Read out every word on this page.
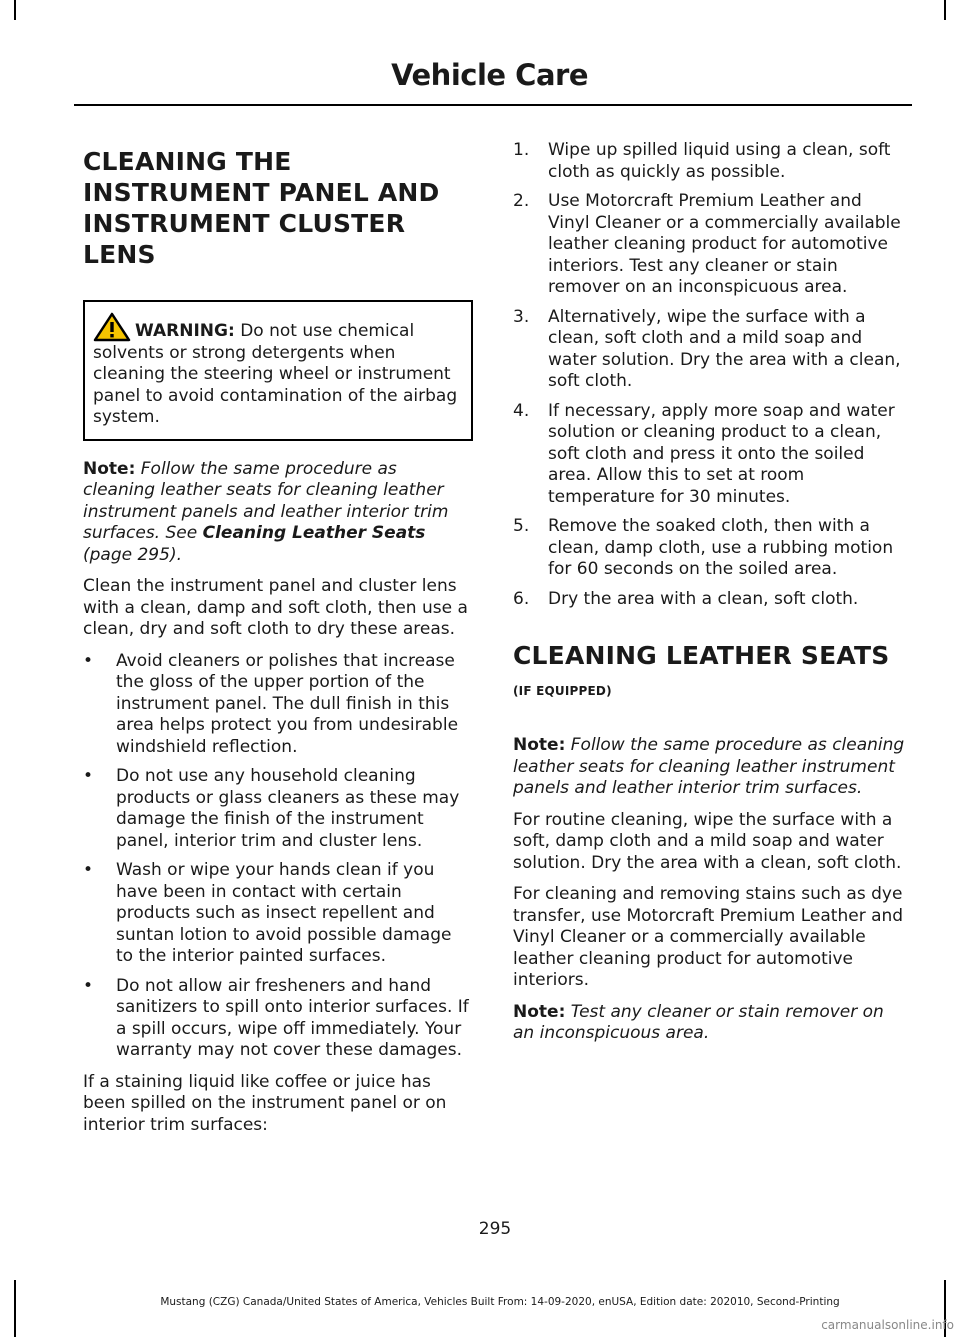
Vehicle Care
CLEANING THE INSTRUMENT PANEL AND INSTRUMENT CLUSTER LENS
WARNING: Do not use chemical solvents or strong detergents when cleaning the steering wheel or instrument panel to avoid contamination of the airbag system.

Note: Follow the same procedure as cleaning leather seats for cleaning leather instrument panels and leather interior trim surfaces. See Cleaning Leather Seats (page 295).

Clean the instrument panel and cluster lens with a clean, damp and soft cloth, then use a clean, dry and soft cloth to dry these areas.

•	Avoid cleaners or polishes that increase the gloss of the upper portion of the instrument panel. The dull finish in this area helps protect you from undesirable windshield reflection.
•	Do not use any household cleaning products or glass cleaners as these may damage the finish of the instrument panel, interior trim and cluster lens.
•	Wash or wipe your hands clean if you have been in contact with certain products such as insect repellent and suntan lotion to avoid possible damage to the interior painted surfaces.
•	Do not allow air fresheners and hand sanitizers to spill onto interior surfaces. If a spill occurs, wipe off immediately. Your warranty may not cover these damages.

If a staining liquid like coffee or juice has been spilled on the instrument panel or on interior trim surfaces:

1.	Wipe up spilled liquid using a clean, soft cloth as quickly as possible.
2.	Use Motorcraft Premium Leather and Vinyl Cleaner or a commercially available leather cleaning product for automotive interiors. Test any cleaner or stain remover on an inconspicuous area.
3.	Alternatively, wipe the surface with a clean, soft cloth and a mild soap and water solution. Dry the area with a clean, soft cloth.
4.	If necessary, apply more soap and water solution or cleaning product to a clean, soft cloth and press it onto the soiled area. Allow this to set at room temperature for 30 minutes.
5.	Remove the soaked cloth, then with a clean, damp cloth, use a rubbing motion for 60 seconds on the soiled area.
6.	Dry the area with a clean, soft cloth.
CLEANING LEATHER SEATS (IF EQUIPPED)

Note: Follow the same procedure as cleaning leather seats for cleaning leather instrument panels and leather interior trim surfaces.

For routine cleaning, wipe the surface with a soft, damp cloth and a mild soap and water solution. Dry the area with a clean, soft cloth.

For cleaning and removing stains such as dye transfer, use Motorcraft Premium Leather and Vinyl Cleaner or a commercially available leather cleaning product for automotive interiors.

Note: Test any cleaner or stain remover on an inconspicuous area.

295
Mustang (CZG) Canada/United States of America, Vehicles Built From: 14-09-2020, enUSA, Edition date: 202010, Second-Printing
carmanualsonline.info
